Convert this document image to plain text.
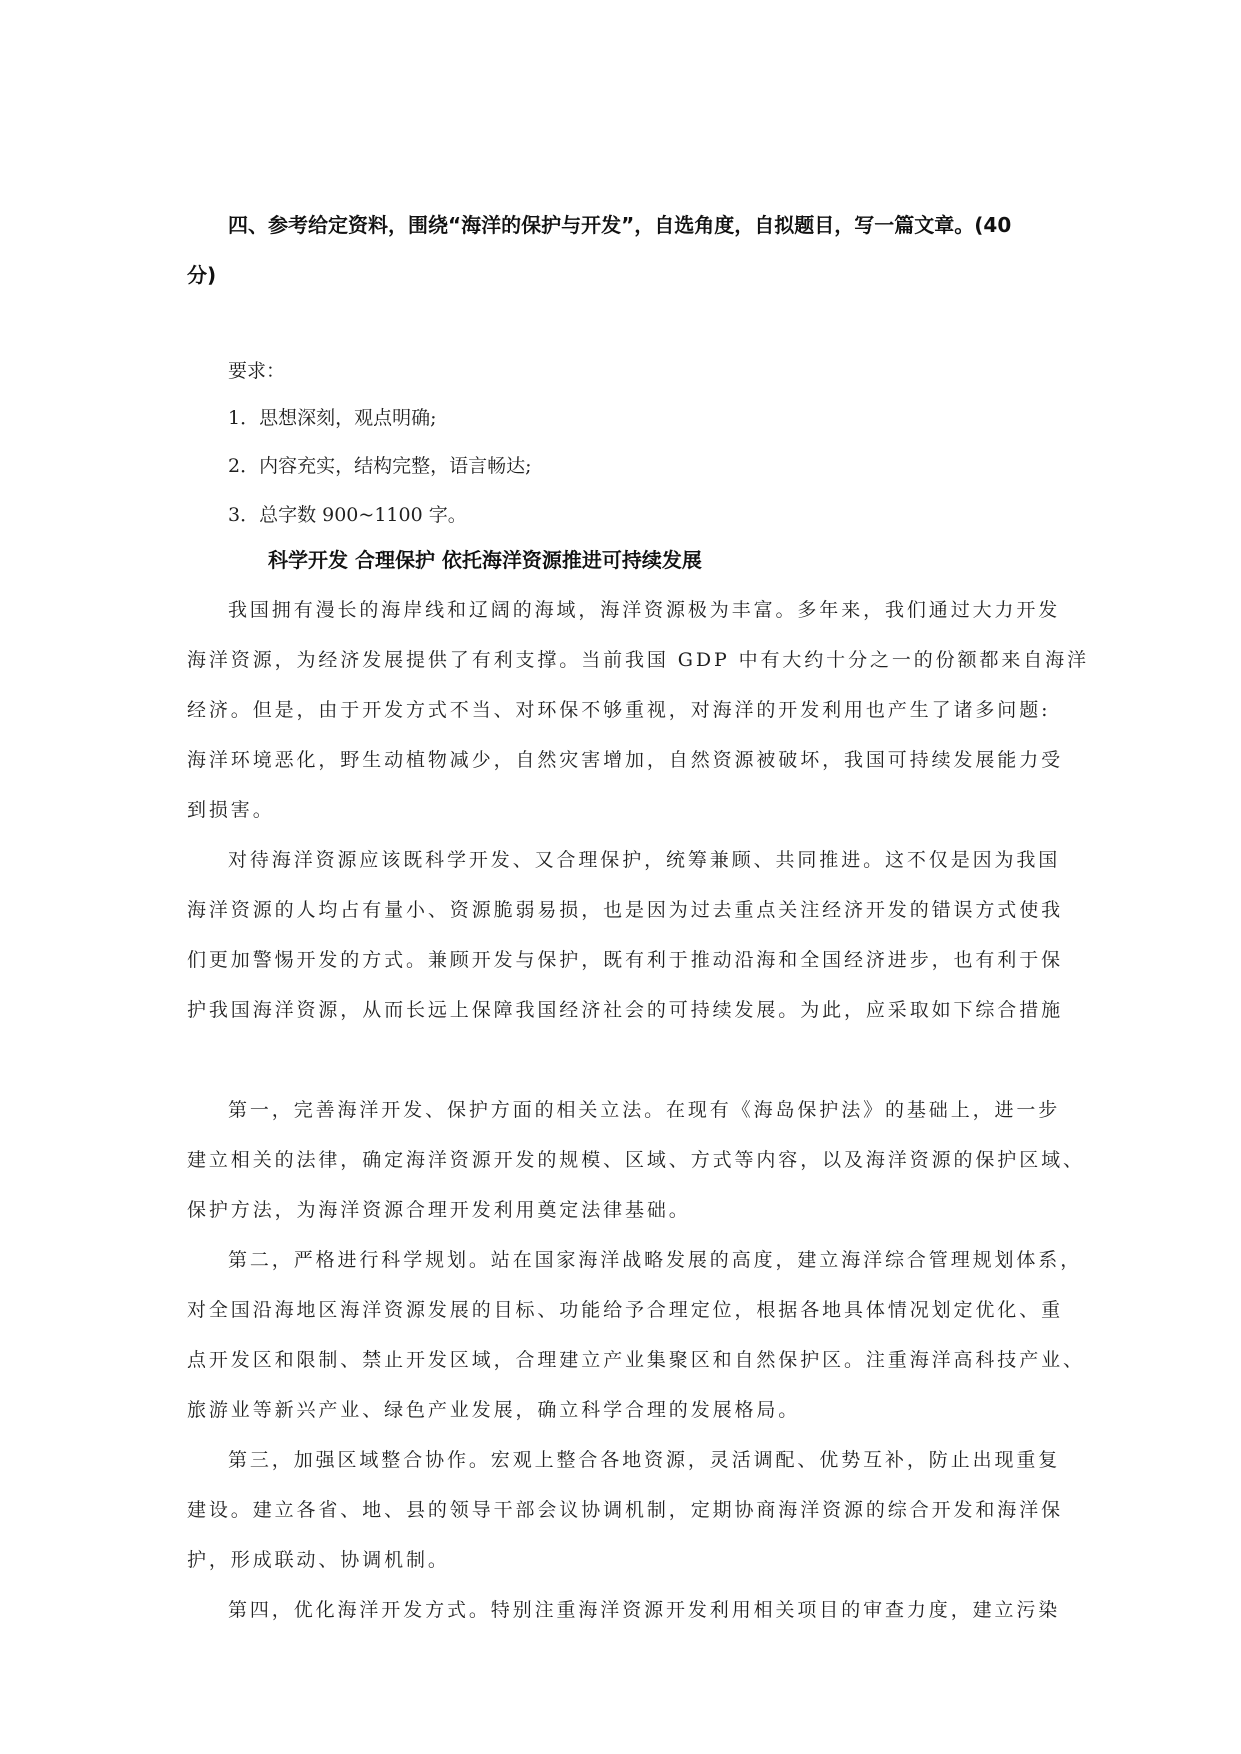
四、参考给定资料，围绕“海洋的保护与开发”，自选角度，自拟题目，写一篇文章。(40
分)
要求：
1．思想深刻，观点明确;
2．内容充实，结构完整，语言畅达;
3．总字数 900~1100 字。
科学开发 合理保护 依托海洋资源推进可持续发展
我国拥有漫长的海岸线和辽阔的海域，海洋资源极为丰富。多年来，我们通过大力开发
海洋资源，为经济发展提供了有利支撑。当前我国 GDP 中有大约十分之一的份额都来自海洋
经济。但是，由于开发方式不当、对环保不够重视，对海洋的开发利用也产生了诸多问题:
海洋环境恶化，野生动植物减少，自然灾害增加，自然资源被破坏，我国可持续发展能力受
到损害。
对待海洋资源应该既科学开发、又合理保护，统筹兼顾、共同推进。这不仅是因为我国
海洋资源的人均占有量小、资源脆弱易损，也是因为过去重点关注经济开发的错误方式使我
们更加警惕开发的方式。兼顾开发与保护，既有利于推动沿海和全国经济进步，也有利于保
护我国海洋资源，从而长远上保障我国经济社会的可持续发展。为此，应采取如下综合措施
第一，完善海洋开发、保护方面的相关立法。在现有《海岛保护法》的基础上，进一步
建立相关的法律，确定海洋资源开发的规模、区域、方式等内容，以及海洋资源的保护区域、
保护方法，为海洋资源合理开发利用奠定法律基础。
第二，严格进行科学规划。站在国家海洋战略发展的高度，建立海洋综合管理规划体系，
对全国沿海地区海洋资源发展的目标、功能给予合理定位，根据各地具体情况划定优化、重
点开发区和限制、禁止开发区域，合理建立产业集聚区和自然保护区。注重海洋高科技产业、
旅游业等新兴产业、绿色产业发展，确立科学合理的发展格局。
第三，加强区域整合协作。宏观上整合各地资源，灵活调配、优势互补，防止出现重复
建设。建立各省、地、县的领导干部会议协调机制，定期协商海洋资源的综合开发和海洋保
护，形成联动、协调机制。
第四，优化海洋开发方式。特别注重海洋资源开发利用相关项目的审查力度，建立污染
